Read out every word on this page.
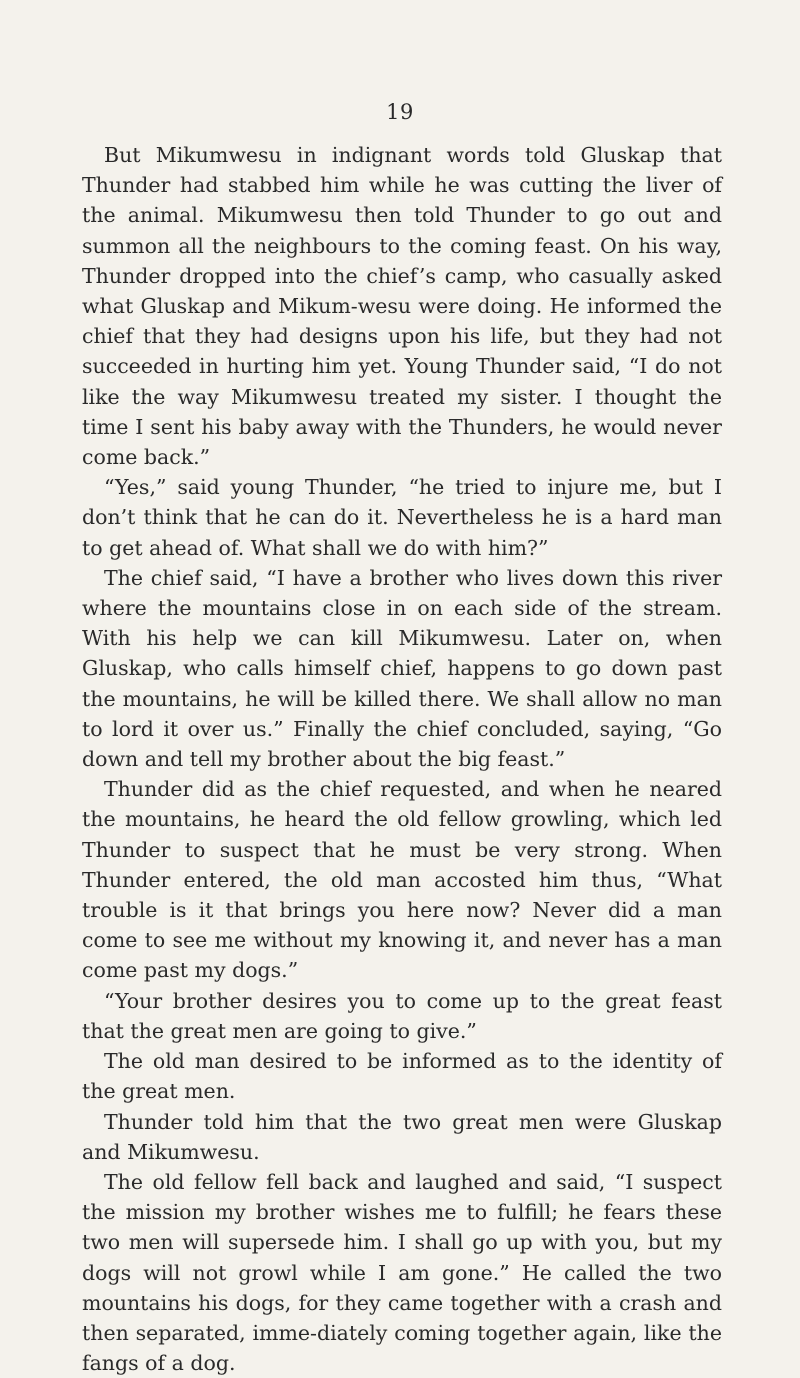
19

But Mikumwesu in indignant words told Gluskap that Thunder had stabbed him while he was cutting the liver of the animal. Mikumwesu then told Thunder to go out and summon all the neighbours to the coming feast. On his way, Thunder dropped into the chief’s camp, who casually asked what Gluskap and Mikum-wesu were doing. He informed the chief that they had designs upon his life, but they had not succeeded in hurting him yet. Young Thunder said, “I do not like the way Mikumwesu treated my sister. I thought the time I sent his baby away with the Thunders, he would never come back.”

“Yes,” said young Thunder, “he tried to injure me, but I don’t think that he can do it. Nevertheless he is a hard man to get ahead of. What shall we do with him?”

The chief said, “I have a brother who lives down this river where the mountains close in on each side of the stream. With his help we can kill Mikumwesu. Later on, when Gluskap, who calls himself chief, happens to go down past the mountains, he will be killed there. We shall allow no man to lord it over us.” Finally the chief concluded, saying, “Go down and tell my brother about the big feast.”

Thunder did as the chief requested, and when he neared the mountains, he heard the old fellow growling, which led Thunder to suspect that he must be very strong. When Thunder entered, the old man accosted him thus, “What trouble is it that brings you here now? Never did a man come to see me without my knowing it, and never has a man come past my dogs.”

“Your brother desires you to come up to the great feast that the great men are going to give.”

The old man desired to be informed as to the identity of the great men.

Thunder told him that the two great men were Gluskap and Mikumwesu.

The old fellow fell back and laughed and said, “I suspect the mission my brother wishes me to fulfill; he fears these two men will supersede him. I shall go up with you, but my dogs will not growl while I am gone.” He called the two mountains his dogs, for they came together with a crash and then separated, imme-diately coming together again, like the fangs of a dog.
